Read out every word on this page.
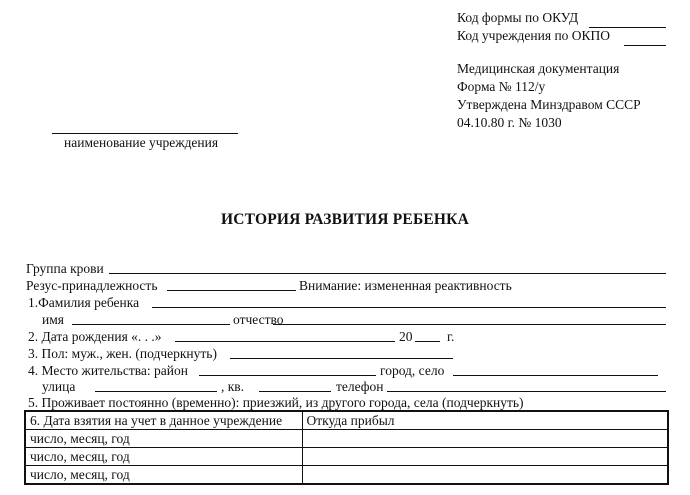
Код формы по ОКУД
Код учреждения по ОКПО
Медицинская документация
Форма № 112/у
Утверждена Минздравом СССР
04.10.80 г. № 1030
наименование учреждения
ИСТОРИЯ РАЗВИТИЯ РЕБЕНКА
Группа крови
Резус-принадлежность	Внимание: измененная реактивность
1.Фамилия ребенка
имя	отчество
2. Дата рождения «. . .»	20	г.
3. Пол: муж., жен. (подчеркнуть)
4. Место жительства: район	город, село
улица	, кв.	телефон
5. Проживает постоянно (временно): приезжий, из другого города, села (подчеркнуть)
6. Дата взятия на учет в данное учреждение	Откуда прибыл
число, месяц, год	
число, месяц, год	
число, месяц, год	
